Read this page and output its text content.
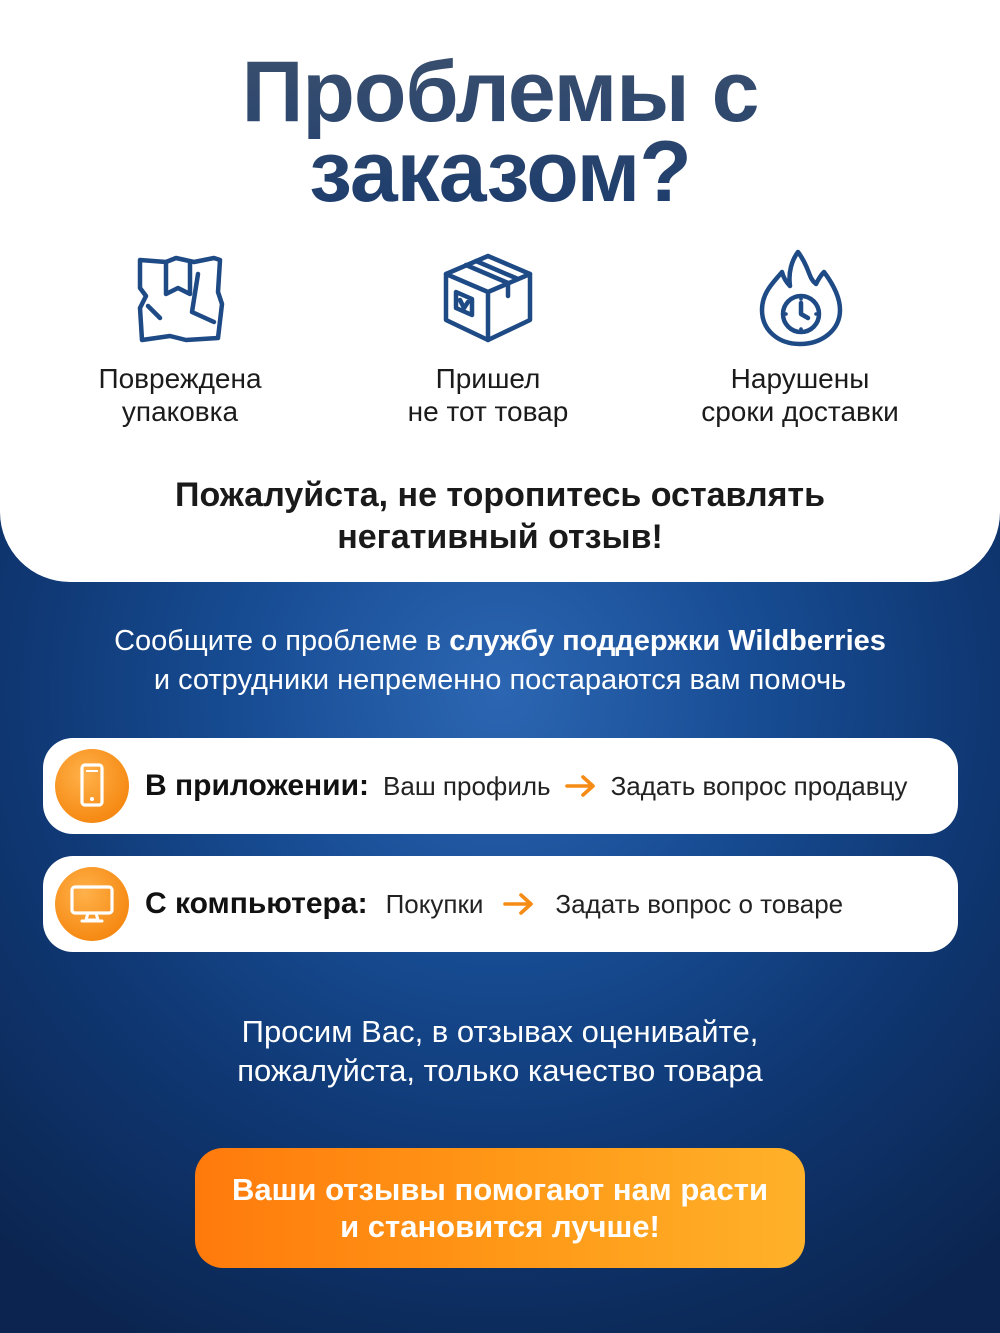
Проблемы с
заказом?
Повреждена
упаковка
Пришел
не тот товар
Нарушены
сроки доставки

Пожалуйста, не торопитесь оставлять
негативный отзыв!

Сообщите о проблеме в службу поддержки Wildberries
и сотрудники непременно постараются вам помочь
В приложении: Ваш профиль Задать вопрос продавцу
С компьютера: Покупки	Задать вопрос о товаре

Просим Вас, в отзывах оценивайте,
пожалуйста, только качество товара

Ваши отзывы помогают нам расти
и становится лучше!
